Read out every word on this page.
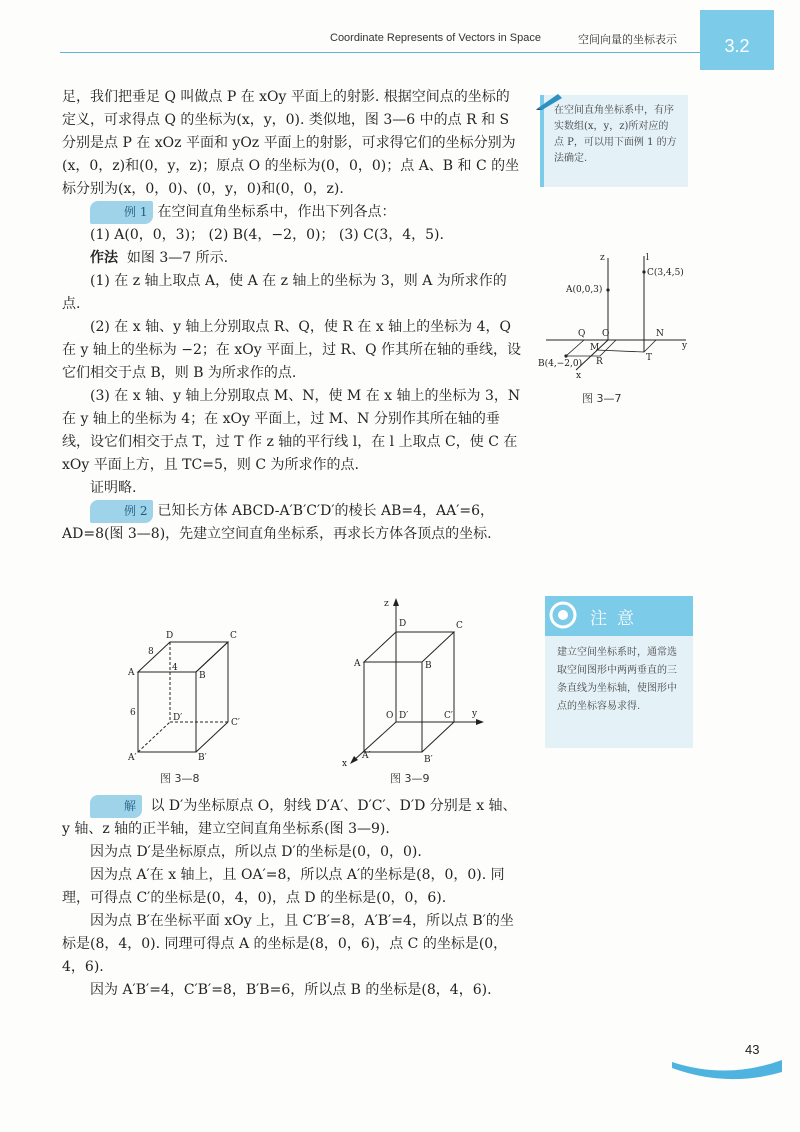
Coordinate Represents of Vectors in Space	空间向量的坐标表示	3.2

足，我们把垂足 Q 叫做点 P 在 xOy 平面上的射影. 根据空间点的坐标的定义，可求得点 Q 的坐标为(x，y，0). 类似地，图 3—6 中的点 R 和 S 分别是点 P 在 xOz 平面和 yOz 平面上的射影，可求得它们的坐标分别为(x，0，z)和(0，y，z)；原点 O 的坐标为(0，0，0)；点 A、B 和 C 的坐标分别为(x，0，0)、(0，y，0)和(0，0，z).

例 1 在空间直角坐标系中，作出下列各点：

(1) A(0，0，3)； (2) B(4，−2，0)； (3) C(3，4，5).

作法 如图 3—7 所示.

(1) 在 z 轴上取点 A，使 A 在 z 轴上的坐标为 3，则 A 为所求作的点.

(2) 在 x 轴、y 轴上分别取点 R、Q，使 R 在 x 轴上的坐标为 4，Q 在 y 轴上的坐标为 −2；在 xOy 平面上，过 R、Q 作其所在轴的垂线，设它们相交于点 B，则 B 为所求作的点.

(3) 在 x 轴、y 轴上分别取点 M、N，使 M 在 x 轴上的坐标为 3，N 在 y 轴上的坐标为 4；在 xOy 平面上，过 M、N 分别作其所在轴的垂线，设它们相交于点 T，过 T 作 z 轴的平行线 l，在 l 上取点 C，使 C 在 xOy 平面上方，且 TC=5，则 C 为所求作的点.

证明略.

例 2 已知长方体 ABCD-A′B′C′D′的棱长 AB=4，AA′=6，AD=8(图 3—8)，先建立空间直角坐标系，再求长方体各顶点的坐标.

在空间直角坐标系中，有序实数组(x，y，z)所对应的点 P，可以用下面例 1 的方法确定.
z	l
C(3,4,5)
A(0,0,3)
Q O	N
M	y
B(4,−2,0) R	T
x
图 3—7
注意
建立空间坐标系时，通常选取空间图形中两两垂直的三条直线为坐标轴，使图形中点的坐标容易求得.
D	C
A	B
D′	C′
A′	B′
8
4
6
图 3—8
z
D	C
A	B
O D′	C′ y
A′	B′
x
图 3—9

解 以 D′为坐标原点 O，射线 D′A′、D′C′、D′D 分别是 x 轴、y 轴、z 轴的正半轴，建立空间直角坐标系(图 3—9).

因为点 D′是坐标原点，所以点 D′的坐标是(0，0，0).

因为点 A′在 x 轴上，且 OA′=8，所以点 A′的坐标是(8，0，0). 同理，可得点 C′的坐标是(0，4，0)，点 D 的坐标是(0，0，6).

因为点 B′在坐标平面 xOy 上，且 C′B′=8，A′B′=4，所以点 B′的坐标是(8，4，0). 同理可得点 A 的坐标是(8，0，6)，点 C 的坐标是(0，4，6).

因为 A′B′=4，C′B′=8，B′B=6，所以点 B 的坐标是(8，4，6).

43
